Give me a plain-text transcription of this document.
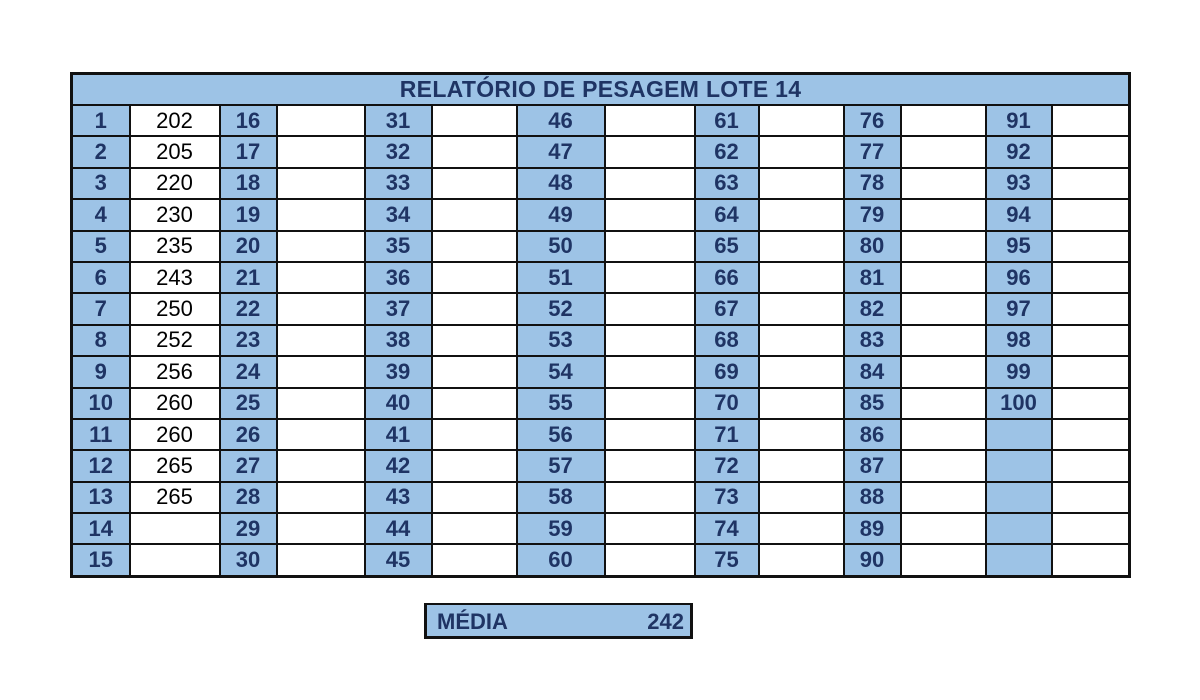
RELATÓRIO DE PESAGEM LOTE 14													
1	202	16		31		46		61		76		91	
2	205	17		32		47		62		77		92	
3	220	18		33		48		63		78		93	
4	230	19		34		49		64		79		94	
5	235	20		35		50		65		80		95	
6	243	21		36		51		66		81		96	
7	250	22		37		52		67		82		97	
8	252	23		38		53		68		83		98	
9	256	24		39		54		69		84		99	
10	260	25		40		55		70		85		100	
11	260	26		41		56		71		86			
12	265	27		42		57		72		87			
13	265	28		43		58		73		88			
14		29		44		59		74		89			
15		30		45		60		75		90			
MÉDIA	242
